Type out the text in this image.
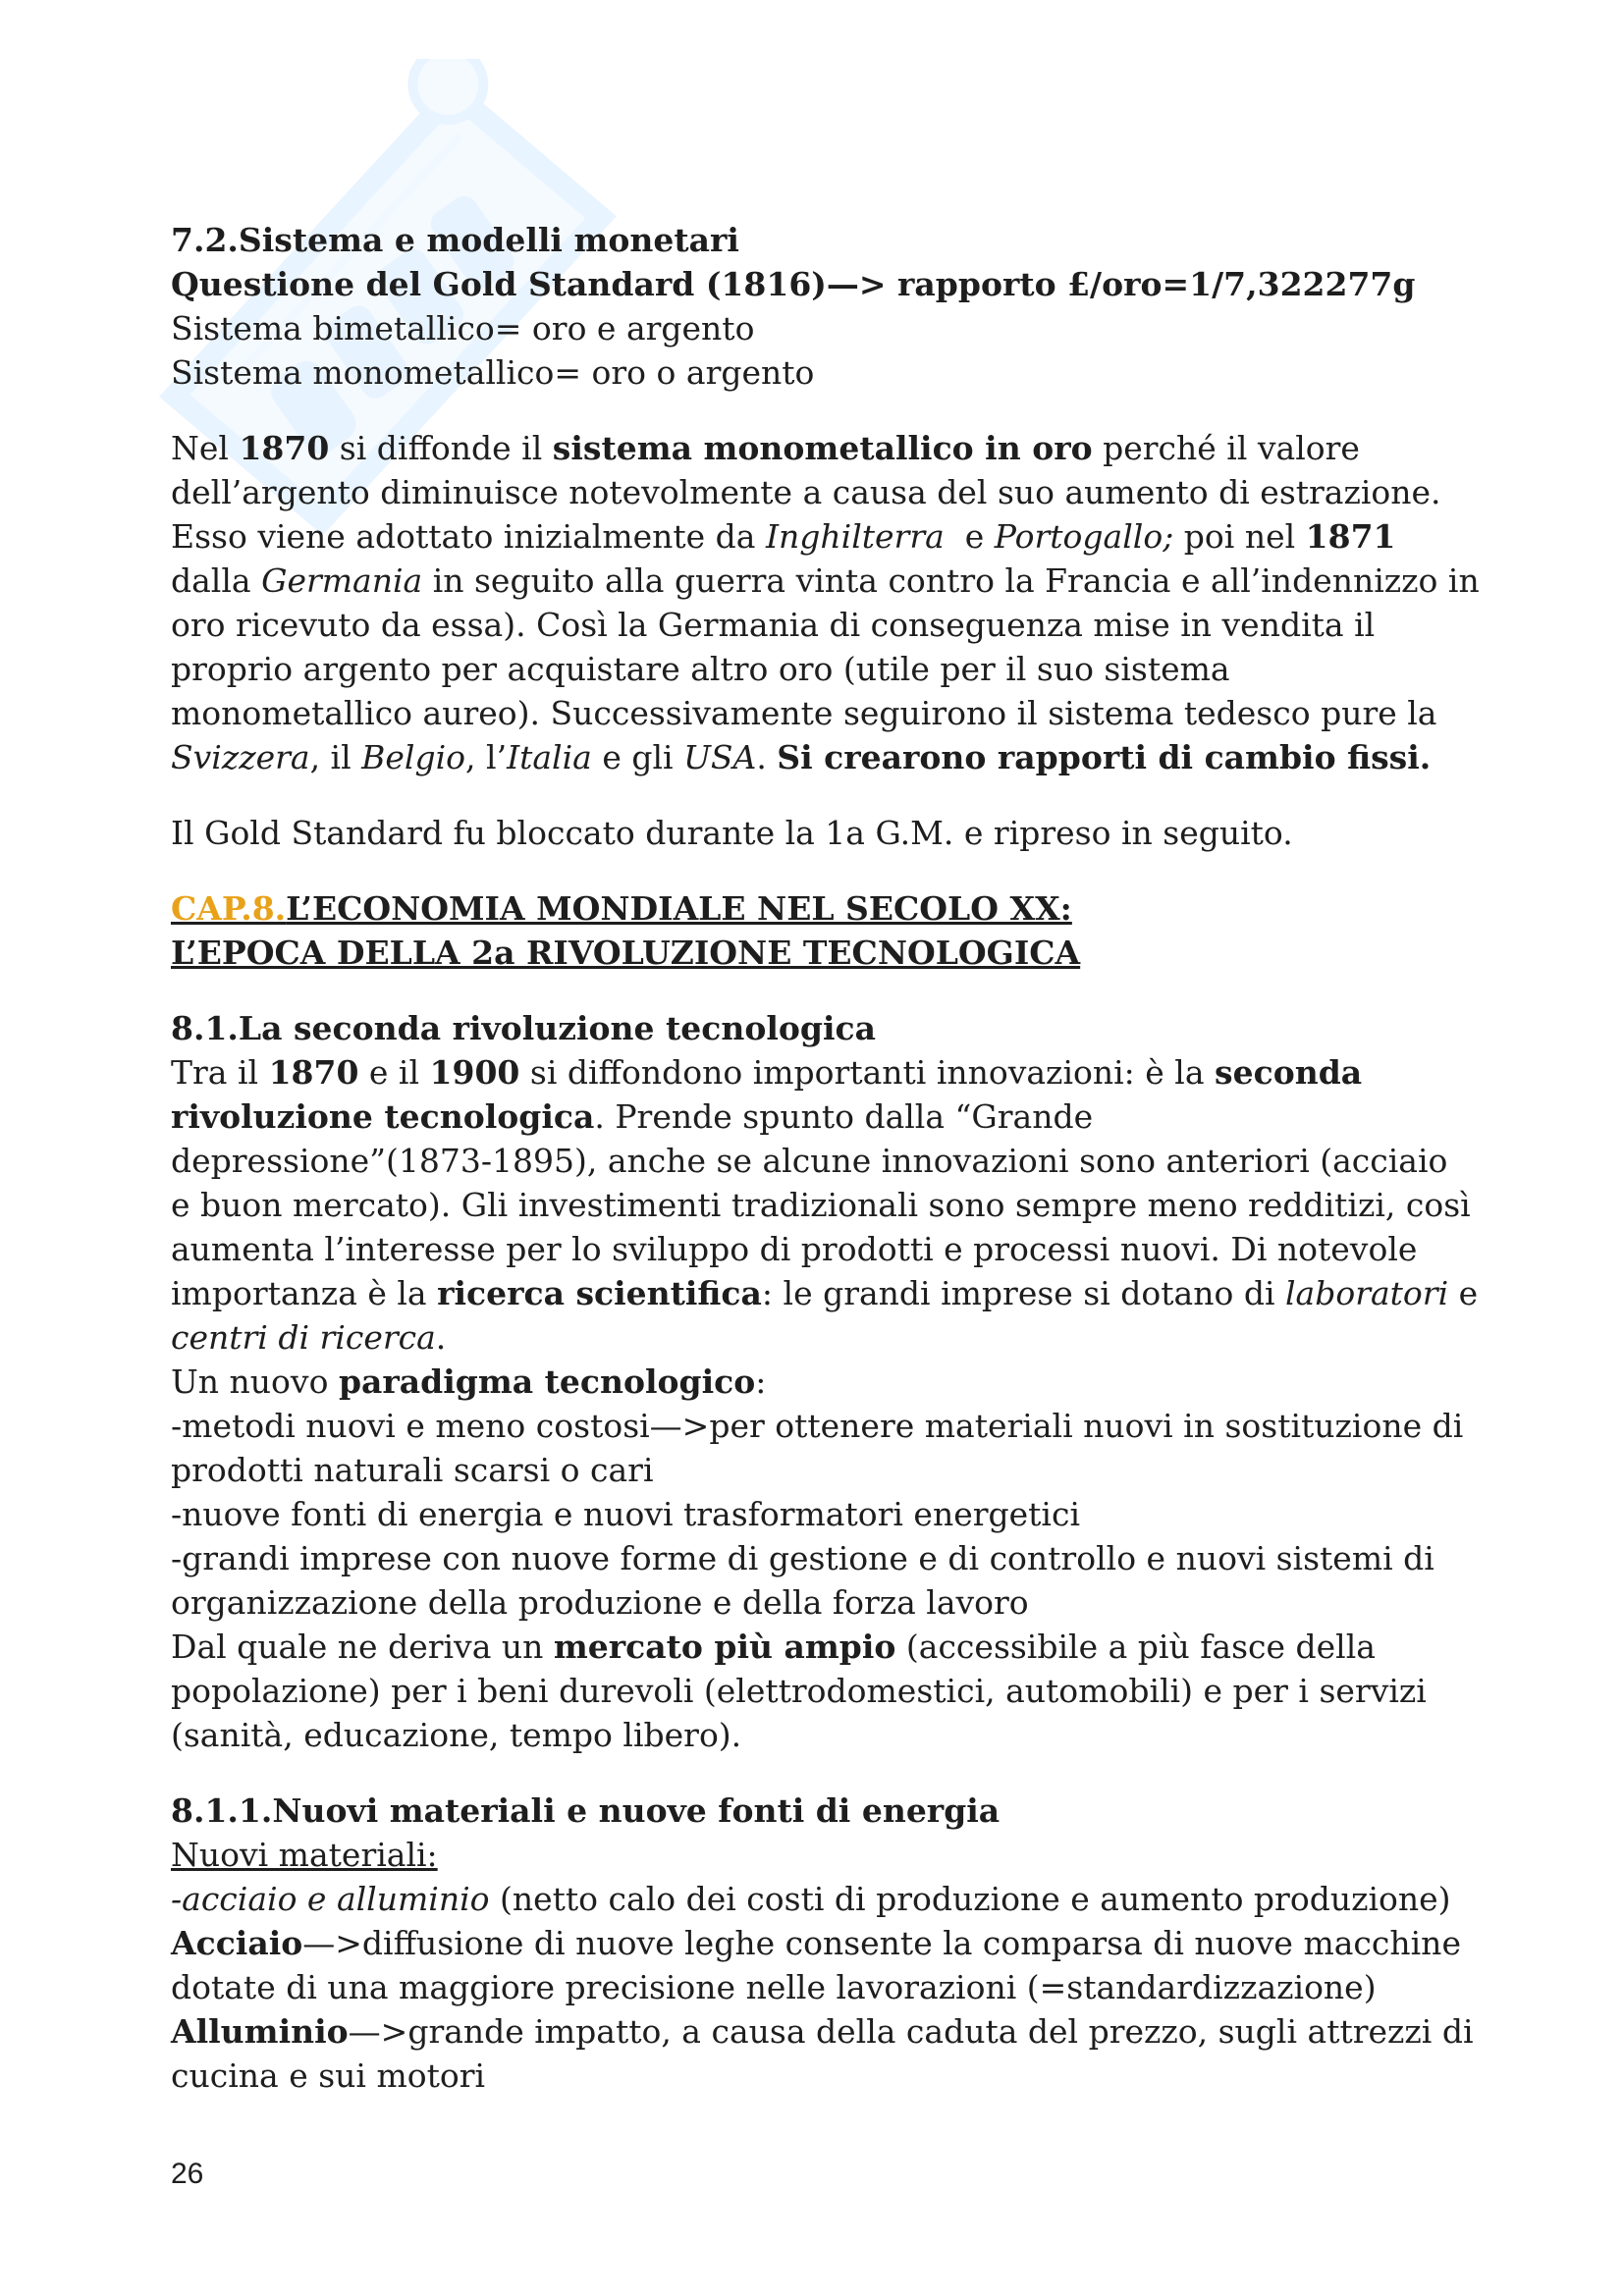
7.2.Sistema e modelli monetari
Questione del Gold Standard (1816)—> rapporto £/oro=1/7,322277g
Sistema bimetallico= oro e argento
Sistema monometallico= oro o argento
Nel 1870 si diffonde il sistema monometallico in oro perché il valore
dell’argento diminuisce notevolmente a causa del suo aumento di estrazione.
Esso viene adottato inizialmente da Inghilterra  e Portogallo; poi nel 1871
dalla Germania in seguito alla guerra vinta contro la Francia e all’indennizzo in
oro ricevuto da essa). Così la Germania di conseguenza mise in vendita il
proprio argento per acquistare altro oro (utile per il suo sistema
monometallico aureo). Successivamente seguirono il sistema tedesco pure la
Svizzera, il Belgio, l’Italia e gli USA. Si crearono rapporti di cambio fissi.
Il Gold Standard fu bloccato durante la 1a G.M. e ripreso in seguito.
CAP.8.L’ECONOMIA MONDIALE NEL SECOLO XX:
L’EPOCA DELLA 2a RIVOLUZIONE TECNOLOGICA
8.1.La seconda rivoluzione tecnologica
Tra il 1870 e il 1900 si diffondono importanti innovazioni: è la seconda
rivoluzione tecnologica. Prende spunto dalla “Grande
depressione”(1873-1895), anche se alcune innovazioni sono anteriori (acciaio
e buon mercato). Gli investimenti tradizionali sono sempre meno redditizi, così
aumenta l’interesse per lo sviluppo di prodotti e processi nuovi. Di notevole
importanza è la ricerca scientifica: le grandi imprese si dotano di laboratori e
centri di ricerca.
Un nuovo paradigma tecnologico:
-metodi nuovi e meno costosi—>per ottenere materiali nuovi in sostituzione di
prodotti naturali scarsi o cari
-nuove fonti di energia e nuovi trasformatori energetici
-grandi imprese con nuove forme di gestione e di controllo e nuovi sistemi di
organizzazione della produzione e della forza lavoro
Dal quale ne deriva un mercato più ampio (accessibile a più fasce della
popolazione) per i beni durevoli (elettrodomestici, automobili) e per i servizi
(sanità, educazione, tempo libero).
8.1.1.Nuovi materiali e nuove fonti di energia
Nuovi materiali:
-acciaio e alluminio (netto calo dei costi di produzione e aumento produzione)
Acciaio—>diffusione di nuove leghe consente la comparsa di nuove macchine
dotate di una maggiore precisione nelle lavorazioni (=standardizzazione)
Alluminio—>grande impatto, a causa della caduta del prezzo, sugli attrezzi di
cucina e sui motori
26
